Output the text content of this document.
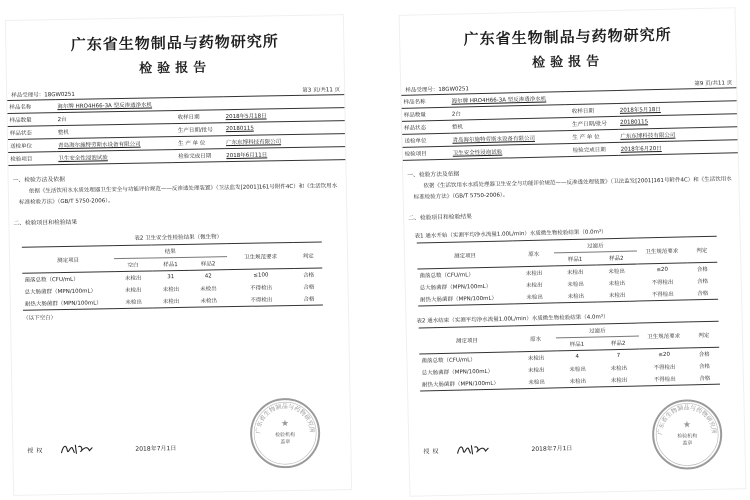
广东省生物制品与药物研究所
检验报告
样品受理号：18GW0251
第3 页/共11 页
样品名称	海尔牌 HRO4H66-3A 型反渗透净水机		
样品数量	2台	收样日期	2018年5月18日
样品状态	整机	生产日期/批号	20180115
送检单位	青岛海尔施特劳斯水设备有限公司	生 产 单 位	广东东博科技有限公司
检验项目	卫生安全性浸泡试验	检验完成日期	2018年6月11日
一、检验方法及依据
依据《生活饮用水水质处理器卫生安全与功能评价规范——反渗透处理装置》（卫法监发[2001]161号附件4C）和《生活饮用水标准检验方法》（GB/T 5750-2006）。
二、检验项目和检验结果
表2 卫生安全性检验结果（微生物）
测定项目	结果			卫生规范要求	判定
	空白	样品1	样品2		
菌落总数（CFU/mL）	未检出	31	42	≤100	合格
总大肠菌群（MPN/100mL）	未检出	未检出	未检出	不得检出	合格
耐热大肠菌群（MPN/100mL）	未检出	未检出	未检出	不得检出	合格
（以下空白）
广东省生物制品与药物研究所
★
检验机构
盖章
授权	2018年7月1日
广东省生物制品与药物研究所
检验报告
样品受理号：18GW0251
第9 页/共11 页
样品名称	海尔牌 HRO4H66-3A 型反渗透净水机		
样品数量	2台	收样日期	2018年5月18日
样品状态	整机	生产日期/批号	20180115
送检单位	青岛海尔施特劳斯水设备有限公司	生 产 单 位	广东东博科技有限公司
检验项目	卫生安全性浸泡试验	检验完成日期	2018年6月20日
一、检验方法及依据
依据《生活饮用水水质处理器卫生安全与功能评价规范——反渗透处理装置》（卫法监发[2001]161号附件4C）和《生活饮用水标准检验方法》（GB/T 5750-2006）。
二、检验项目和检验结果
表1 通水开始（实测平均净水流量1.00L/min）水质微生物检验结果（0.0m³）
测定项目	原水	过滤后		卫生规范要求	判定
		样品1	样品2		
菌落总数（CFU/mL）	未检出	未检出	未检出	≤20	合格
总大肠菌群（MPN/100mL）	未检出	未检出	未检出	不得检出	合格
耐热大肠菌群（MPN/100mL）	未检出	未检出	未检出	不得检出	合格
表2 通水结束（实测平均净水流量1.00L/min）水质微生物检验结果（4.0m³）
测定项目	原水	过滤后		卫生规范要求	判定
		样品1	样品2		
菌落总数（CFU/mL）	未检出	4	7	≤20	合格
总大肠菌群（MPN/100mL）	未检出	未检出	未检出	不得检出	合格
耐热大肠菌群（MPN/100mL）	未检出	未检出	未检出	不得检出	合格
广东省生物制品与药物研究所
★
检验机构
盖章
授权	2018年7月1日
